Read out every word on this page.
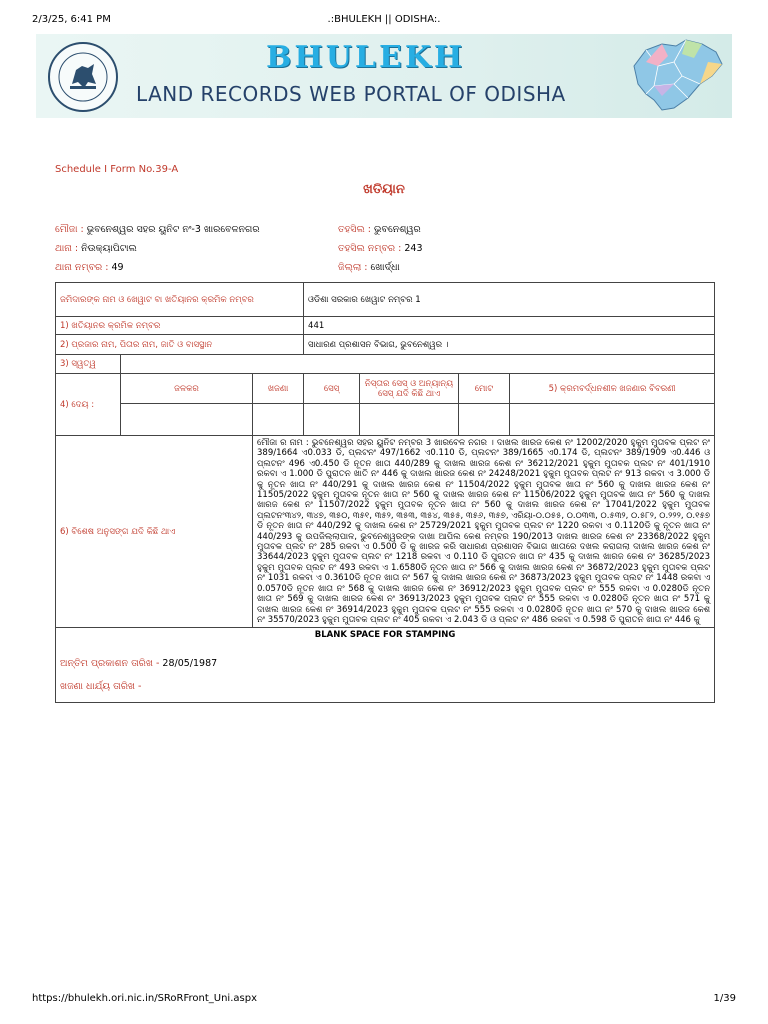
2/3/25, 6:41 PM	.:BHULEKH || ODISHA:.
BHULEKH
LAND RECORDS WEB PORTAL OF ODISHA
Schedule I Form No.39-A
ଖତିୟାନ
ମୌଜା : ଭୁବନେଶ୍ୱର ସହର ୟୁନିଟ ନଂ-3 ଖାରବେଳନଗର	ତହସିଲ : ଭୁବନେଶ୍ୱର
ଥାନା : ନିଉକ୍ୟାପିଟାଲ	ତହସିଲ ନମ୍ବର : 243
ଥାନା ନମ୍ବର : 49	ଜିଲ୍ଲା : ଖୋର୍ଦ୍ଧା
ଜମିଦାରଙ୍କ ନାମ ଓ ଖେୱାଟ ବା ଖତିୟାନର କ୍ରମିକ ନମ୍ବର			ଓଡିଶା ସରକାର ଖେୱାଟ ନମ୍ବର 1			
1) ଖତିୟାନର କ୍ରମିକ ନମ୍ବର			441			
2) ପ୍ରଜାର ନାମ, ପିତାର ନାମ, ଜାତି ଓ ବାସସ୍ଥାନ			ସାଧାରଣ ପ୍ରଶାସନ ବିଭାଗ, ଭୁବନେଶ୍ୱର ।			
3) ସ୍ୱତ୍ୱ						
4) ଦେୟ :	ଜଳକର	ଖଜଣା	ସେସ୍	ନିସ୍ତାର ସେସ୍ ଓ ଅନ୍ୟାନ୍ୟ ସେସ୍ ଯଦି କିଛି ଥାଏ	ମୋଟ	5) କ୍ରମବର୍ଦ୍ଧନଶୀଳ ଖଜଣାର ବିବରଣୀ

6) ବିଶେଷ ଅନୁସଙ୍ଗ ଯଦି କିଛି ଥାଏ		ମୌଜା ର ନାମ : ଭୁବନେଶ୍ୱର ସହର ୟୁନିଟ ନମ୍ବର 3 ଖାରବେଳ ନଗର । ଦାଖଲ ଖାରଜ କେଶ ନଂ 12002/2020 ହୁକୁମ ମୁତାବକ ପ୍ଲଟ ନଂ 389/1664 ଏ0.033 ଡି, ପ୍ଲଟନଂ 497/1662 ଏ0.110 ଡି, ପ୍ଲଟନଂ 389/1665 ଏ0.174 ଡି, ପ୍ଲଟନଂ 389/1909 ଏ0.446 ଓ ପ୍ଲଟନଂ 496 ଏ0.450 ଡି ନୂତନ ଖାତା 440/289 କୁ ଦାଖଲ ଖାରଜ କେଶ ନଂ 36212/2021 ହୁକୁମ ମୁତାବକ ପ୍ଲଟ ନଂ 401/1910 ରକବା ଏ 1.000 ଡି ପୁରାତନ ଖାତି ନଂ 446 କୁ ଦାଖଲ ଖାରଜ କେଶ ନଂ 24248/2021 ହୁକୁମ ମୁତାବକ ପ୍ଲଟ ନଂ 913 ରକବା ଏ 3.000 ଡି କୁ ନୂତନ ଖାତା ନଂ 440/291 କୁ ଦାଖଲ ଖାରଜ କେଶ ନଂ 11504/2022 ହୁକୁମ ମୁତାବକ ଖାତା ନଂ 560 କୁ ଦାଖଲ ଖାରଜ କେଶ ନଂ 11505/2022 ହୁକୁମ ମୁତାବକ ନୂତନ ଖାତା ନଂ 560 କୁ ଦାଖଲ ଖାରଜ କେଶ ନଂ 11506/2022 ହୁକୁମ ମୁତାବକ ଖାତା ନଂ 560 କୁ ଦାଖଲ ଖାରଜ କେଶ ନଂ 11507/2022 ହୁକୁମ ମୁତାବକ ନୂତନ ଖାତା ନଂ 560 କୁ ଦାଖଲ ଖାରଜ କେଶ ନଂ 17041/2022 ହୁକୁମ ମୁତାବକ ପ୍ଲଟନଂ୩୪୨, ୩୪୭, ୩୫୦, ୩୫୧, ୩୫୨, ୩୫୩, ୩୫୪, ୩୫୫, ୩୫୬, ୩୫୭, ଏରିୟା-୦.୦୫୫, ୦.୦୩୩, ୦.୫୩୨, ୦.୫୮୨, ୦.୨୨୨, ୦.୧୫୭ ଡି ନୂତନ ଖାତା ନଂ 440/292 କୁ ଦାଖଲ କେଶ ନଂ 25729/2021 ହୁକୁମ ମୁତାବକ ପ୍ଲଟ ନଂ 1220 ରକବା ଏ 0.1120ଡି କୁ ନୂତନ ଖାତା ନଂ 440/293 କୁ ଉପଜିଲ୍ଲାପାଳ, ଭୁବନେଶ୍ୱରଙ୍କ ଦାଖା ଆପିଲ କେଶ ନମ୍ବର 190/2013 ଦାଖଲ ଖାରଜ କେଶ ନଂ 23368/2022 ହୁକୁମ ମୁତାବକ ପ୍ଲଟ ନଂ 285 ରକବା ଏ 0.500 ଡି କୁ ଖାରଜ କରି ସାଧାରଣ ପ୍ରଶାସନ ବିଭାଗ ଖାତାରେ ଦଖଲ କରାଗଲା ଦାଖଲ ଖାରଜ କେଶ ନଂ 33644/2023 ହୁକୁମ ମୁତାବକ ପ୍ଲଟ ନଂ 1218 ରକବା ଏ 0.110 ଡି ପୁରାତନ ଖାତା ନଂ 435 କୁ ଦାଖଲ ଖାରଜ କେଶ ନଂ 36285/2023 ହୁକୁମ ମୁତାବକ ପ୍ଲଟ ନଂ 493 ରକବା ଏ 1.6580ଡି ନୂତନ ଖାତା ନଂ 566 କୁ ଦାଖଲ ଖାରଜ କେଶ ନଂ 36872/2023 ହୁକୁମ ମୁତାବକ ପ୍ଲଟ ନଂ 1031 ରକବା ଏ 0.3610ଡି ନୂତନ ଖାତା ନଂ 567 କୁ ଦାଖଲ ଖାରଜ କେଶ ନଂ 36873/2023 ହୁକୁମ ମୁତାବକ ପ୍ଲଟ ନଂ 1448 ରକବା ଏ 0.0570ଡି ନୂତନ ଖାତା ନଂ 568 କୁ ଦାଖଲ ଖାରଜ କେଶ ନଂ 36912/2023 ହୁକୁମ ମୁତାବକ ପ୍ଲଟ ନଂ 555 ରକବା ଏ 0.0280ଡି ନୂତନ ଖାତା ନଂ 569 କୁ ଦାଖଲ ଖାରଜ କେଶ ନଂ 36913/2023 ହୁକୁମ ମୁତାବକ ପ୍ଲଟ ନଂ 555 ରକବା ଏ 0.0280ଡି ନୂତନ ଖାତା ନଂ 571 କୁ ଦାଖଲ ଖାରଜ କେଶ ନଂ 36914/2023 ହୁକୁମ ମୁତାବକ ପ୍ଲଟ ନଂ 555 ରକବା ଏ 0.0280ଡି ନୂତନ ଖାତା ନଂ 570 କୁ ଦାଖଲ ଖାରଜ କେଶ ନଂ 35570/2023 ହୁକୁମ ମୁତାବକ ପ୍ଲଟ ନଂ 405 ରକବା ଏ 2.043 ଡି ଓ ପ୍ଲଟ ନଂ 486 ରକବା ଏ 0.598 ଡି ପୁରାତନ ଖାତା ନଂ 446 କୁ				

BLANK SPACE FOR STAMPING
ଅନ୍ତିମ ପ୍ରକାଶନ ତାରିଖ - 28/05/1987
ଖଜଣା ଧାର୍ଯ୍ୟ ତାରିଖ -						
https://bhulekh.ori.nic.in/SRoRFront_Uni.aspx	1/39
